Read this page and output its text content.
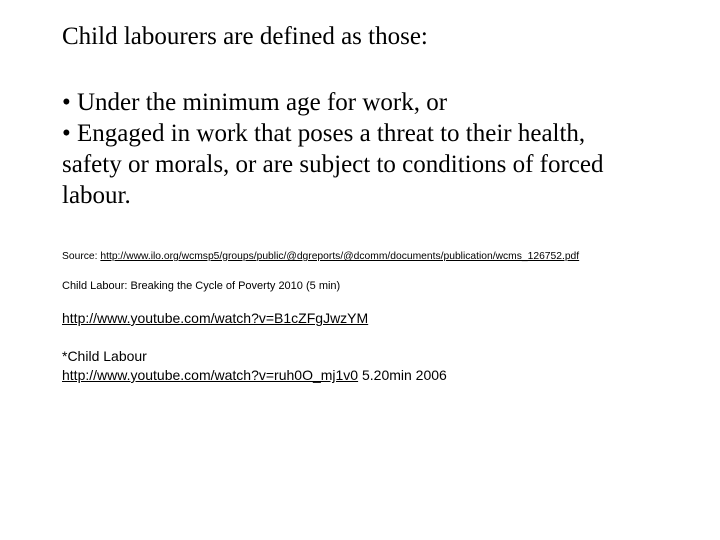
Child labourers are defined as those:
• Under the minimum age for work, or
• Engaged in work that poses a threat to their health,
safety or morals, or are subject to conditions of forced
labour.
Source: http://www.ilo.org/wcmsp5/groups/public/@dgreports/@dcomm/documents/publication/wcms_126752.pdf
Child Labour: Breaking the Cycle of Poverty 2010 (5 min)
http://www.youtube.com/watch?v=B1cZFgJwzYM
*Child Labour
http://www.youtube.com/watch?v=ruh0O_mj1v0 5.20min 2006
